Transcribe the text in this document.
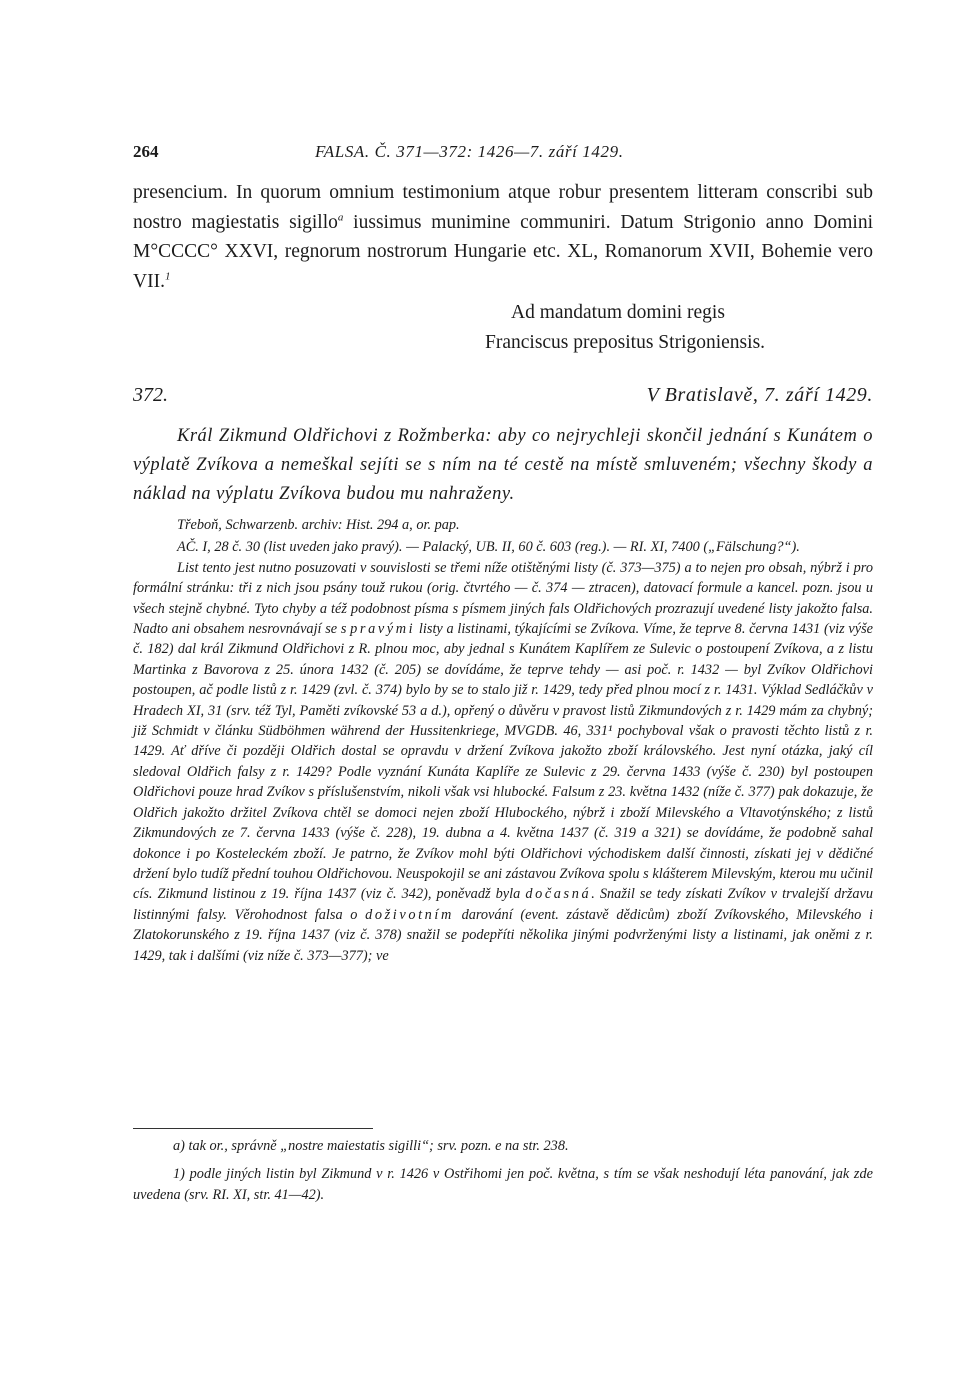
264	FALSA. Č. 371—372: 1426—7. září 1429.

presencium. In quorum omnium testimonium atque robur presentem litteram conscribi sub nostro magiestatis sigillo$^a$ iussimus munimine communiri. Datum Strigonio anno Domini M°CCCC° XXVI, regnorum nostrorum Hungarie etc. XL, Romanorum XVII, Bohemie vero VII.$^1$

Ad mandatum domini regis
Franciscus prepositus Strigoniensis.
372.	V Bratislavě, 7. září 1429.

Král Zikmund Oldřichovi z Rožmberka: aby co nejrychleji skončil jednání s Kunátem o výplatě Zvíkova a nemeškal sejíti se s ním na té cestě na místě smluveném; všechny škody a náklad na výplatu Zvíkova budou mu nahraženy.

Třeboň, Schwarzenb. archiv: Hist. 294 a, or. pap.

AČ. I, 28 č. 30 (list uveden jako pravý). — Palacký, UB. II, 60 č. 603 (reg.). — RI. XI, 7400 („Fälschung?“).

List tento jest nutno posuzovati v souvislosti se třemi níže otištěnými listy (č. 373—375) a to nejen pro obsah, nýbrž i pro formální stránku: tři z nich jsou psány touž rukou (orig. čtvrtého — č. 374 — ztracen), datovací formule a kancel. pozn. jsou u všech stejně chybné. Tyto chyby a též podobnost písma s písmem jiných fals Oldřichových prozrazují uvedené listy jakožto falsa. Nadto ani obsahem nesrovnávají se s pravými listy a listinami, týkajícími se Zvíkova. Víme, že teprve 8. června 1431 (viz výše č. 182) dal král Zikmund Oldřichovi z R. plnou moc, aby jednal s Kunátem Kaplířem ze Sulevic o postoupení Zvíkova, a z listu Martinka z Bavorova z 25. února 1432 (č. 205) se dovídáme, že teprve tehdy — asi poč. r. 1432 — byl Zvíkov Oldřichovi postoupen, ač podle listů z r. 1429 (zvl. č. 374) bylo by se to stalo již r. 1429, tedy před plnou mocí z r. 1431. Výklad Sedláčkův v Hradech XI, 31 (srv. též Tyl, Paměti zvíkovské 53 a d.), opřený o důvěru v pravost listů Zikmundových z r. 1429 mám za chybný; již Schmidt v článku Südböhmen während der Hussitenkriege, MVGDB. 46, 331¹ pochyboval však o pravosti těchto listů z r. 1429. Ať dříve či později Oldřich dostal se opravdu v držení Zvíkova jakožto zboží královského. Jest nyní otázka, jaký cíl sledoval Oldřich falsy z r. 1429? Podle vyznání Kunáta Kaplíře ze Sulevic z 29. června 1433 (výše č. 230) byl postoupen Oldřichovi pouze hrad Zvíkov s příslušenstvím, nikoli však vsi hlubocké. Falsum z 23. května 1432 (níže č. 377) pak dokazuje, že Oldřich jakožto držitel Zvíkova chtěl se domoci nejen zboží Hlubockého, nýbrž i zboží Milevského a Vltavotýnského; z listů Zikmundových ze 7. června 1433 (výše č. 228), 19. dubna a 4. května 1437 (č. 319 a 321) se dovídáme, že podobně sahal dokonce i po Kosteleckém zboží. Je patrno, že Zvíkov mohl býti Oldřichovi východiskem další činnosti, získati jej v dědičné držení bylo tudíž přední touhou Oldřichovou. Neuspokojil se ani zástavou Zvíkova spolu s klášterem Milevským, kterou mu učinil cís. Zikmund listinou z 19. října 1437 (viz č. 342), poněvadž byla dočasná. Snažil se tedy získati Zvíkov v trvalejší državu listinnými falsy. Věrohodnost falsa o doživotním darování (event. zástavě dědicům) zboží Zvíkovského, Milevského i Zlatokorunského z 19. října 1437 (viz č. 378) snažil se podepříti několika jinými podvrženými listy a listinami, jak oněmi z r. 1429, tak i dalšími (viz níže č. 373—377); ve

a) tak or., správně „nostre maiestatis sigilli“; srv. pozn. e na str. 238.

1) podle jiných listin byl Zikmund v r. 1426 v Ostřihomi jen poč. května, s tím se však neshodují léta panování, jak zde uvedena (srv. RI. XI, str. 41—42).
